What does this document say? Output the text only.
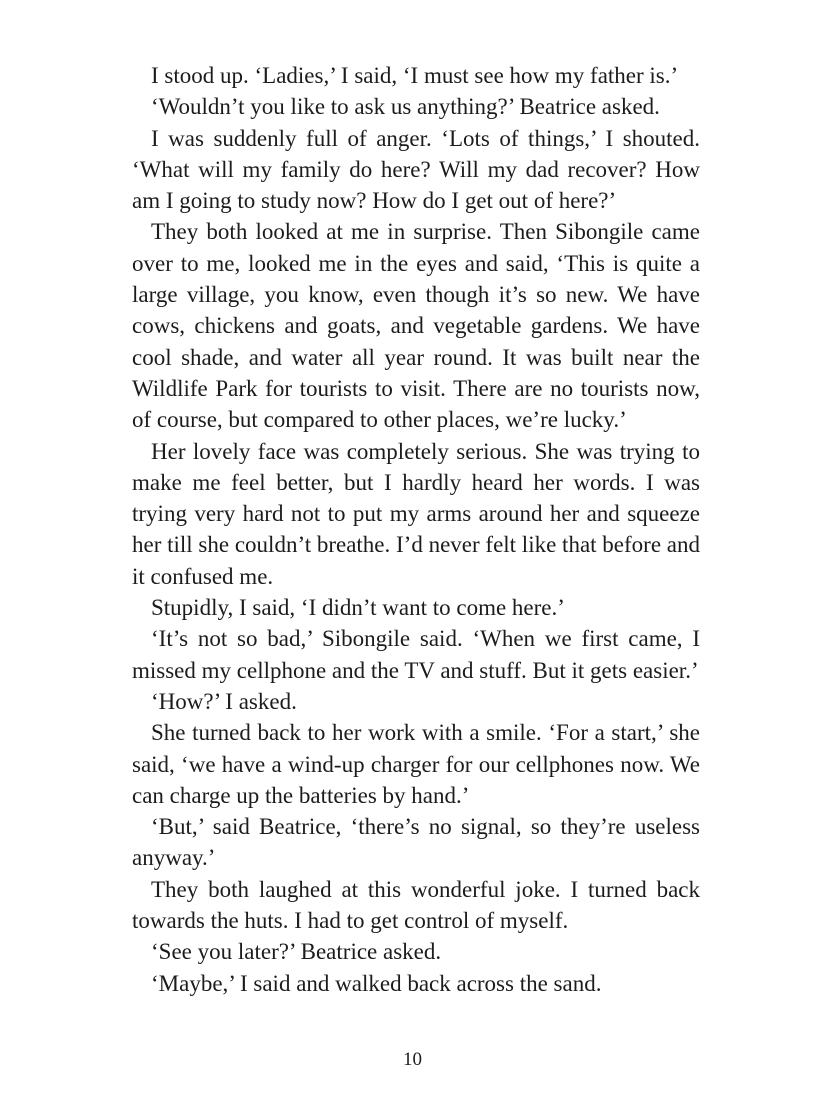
I stood up. ‘Ladies,’ I said, ‘I must see how my father is.’

‘Wouldn’t you like to ask us anything?’ Beatrice asked.

I was suddenly full of anger. ‘Lots of things,’ I shouted. ‘What will my family do here? Will my dad recover? How am I going to study now? How do I get out of here?’

They both looked at me in surprise. Then Sibongile came over to me, looked me in the eyes and said, ‘This is quite a large village, you know, even though it’s so new. We have cows, chickens and goats, and vegetable gardens. We have cool shade, and water all year round. It was built near the Wildlife Park for tourists to visit. There are no tourists now, of course, but compared to other places, we’re lucky.’

Her lovely face was completely serious. She was trying to make me feel better, but I hardly heard her words. I was trying very hard not to put my arms around her and squeeze her till she couldn’t breathe. I’d never felt like that before and it confused me.

Stupidly, I said, ‘I didn’t want to come here.’

‘It’s not so bad,’ Sibongile said. ‘When we first came, I missed my cellphone and the TV and stuff. But it gets easier.’

‘How?’ I asked.

She turned back to her work with a smile. ‘For a start,’ she said, ‘we have a wind-up charger for our cellphones now. We can charge up the batteries by hand.’

‘But,’ said Beatrice, ‘there’s no signal, so they’re useless anyway.’

They both laughed at this wonderful joke. I turned back towards the huts. I had to get control of myself.

‘See you later?’ Beatrice asked.

‘Maybe,’ I said and walked back across the sand.

10
